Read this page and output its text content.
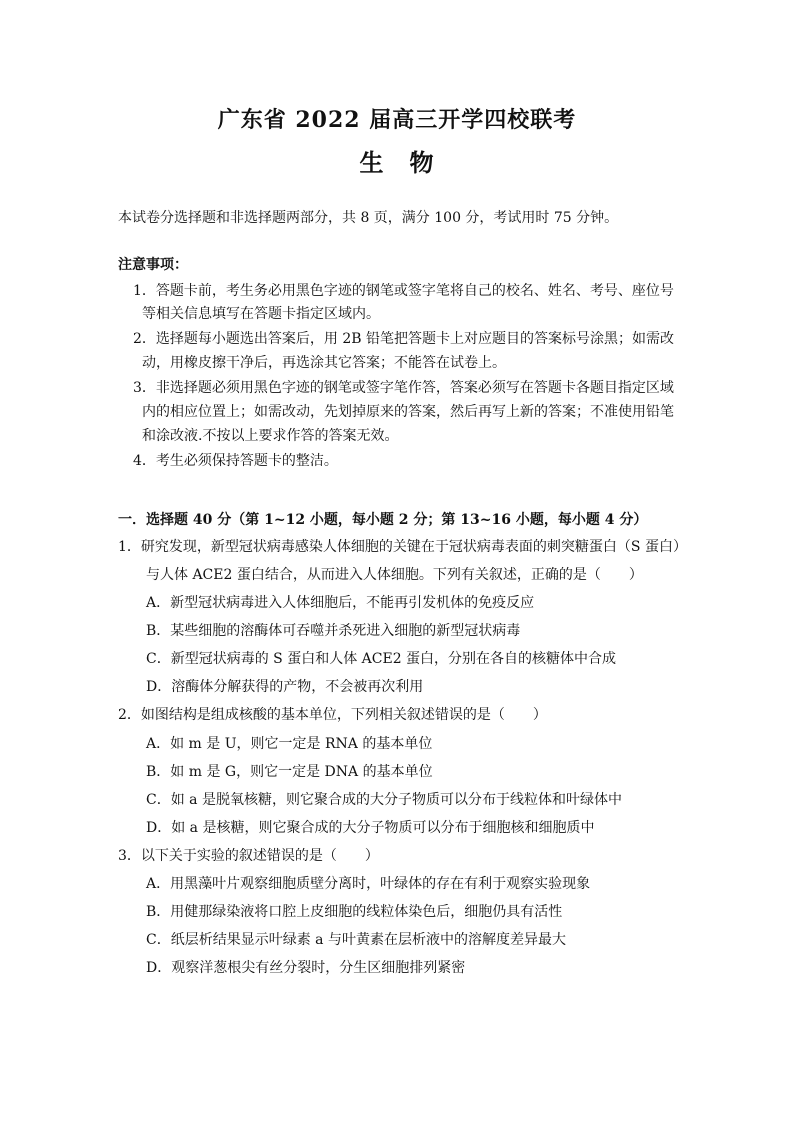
广东省 2022 届高三开学四校联考
生　物
本试卷分选择题和非选择题两部分，共 8 页，满分 100 分，考试用时 75 分钟。
注意事项：
1．答题卡前，考生务必用黑色字迹的钢笔或签字笔将自己的校名、姓名、考号、座位号
等相关信息填写在答题卡指定区域内。
2．选择题每小题选出答案后，用 2B 铅笔把答题卡上对应题目的答案标号涂黑；如需改
动，用橡皮擦干净后，再选涂其它答案；不能答在试卷上。
3．非选择题必须用黑色字迹的钢笔或签字笔作答，答案必须写在答题卡各题目指定区域
内的相应位置上；如需改动，先划掉原来的答案，然后再写上新的答案；不准使用铅笔
和涂改液.不按以上要求作答的答案无效。
4．考生必须保持答题卡的整洁。
一．选择题 40 分（第 1~12 小题，每小题 2 分；第 13~16 小题，每小题 4 分）
1．研究发现，新型冠状病毒感染人体细胞的关键在于冠状病毒表面的刺突糖蛋白（S 蛋白）
与人体 ACE2 蛋白结合，从而进入人体细胞。下列有关叙述，正确的是（　　）
A．新型冠状病毒进入人体细胞后，不能再引发机体的免疫反应
B．某些细胞的溶酶体可吞噬并杀死进入细胞的新型冠状病毒
C．新型冠状病毒的 S 蛋白和人体 ACE2 蛋白，分别在各自的核糖体中合成
D．溶酶体分解获得的产物，不会被再次利用
2．如图结构是组成核酸的基本单位，下列相关叙述错误的是（　　）
A．如 m 是 U，则它一定是 RNA 的基本单位
B．如 m 是 G，则它一定是 DNA 的基本单位
C．如 a 是脱氧核糖，则它聚合成的大分子物质可以分布于线粒体和叶绿体中
D．如 a 是核糖，则它聚合成的大分子物质可以分布于细胞核和细胞质中
3．以下关于实验的叙述错误的是（　　）
A．用黑藻叶片观察细胞质壁分离时，叶绿体的存在有利于观察实验现象
B．用健那绿染液将口腔上皮细胞的线粒体染色后，细胞仍具有活性
C．纸层析结果显示叶绿素 a 与叶黄素在层析液中的溶解度差异最大
D．观察洋葱根尖有丝分裂时，分生区细胞排列紧密
